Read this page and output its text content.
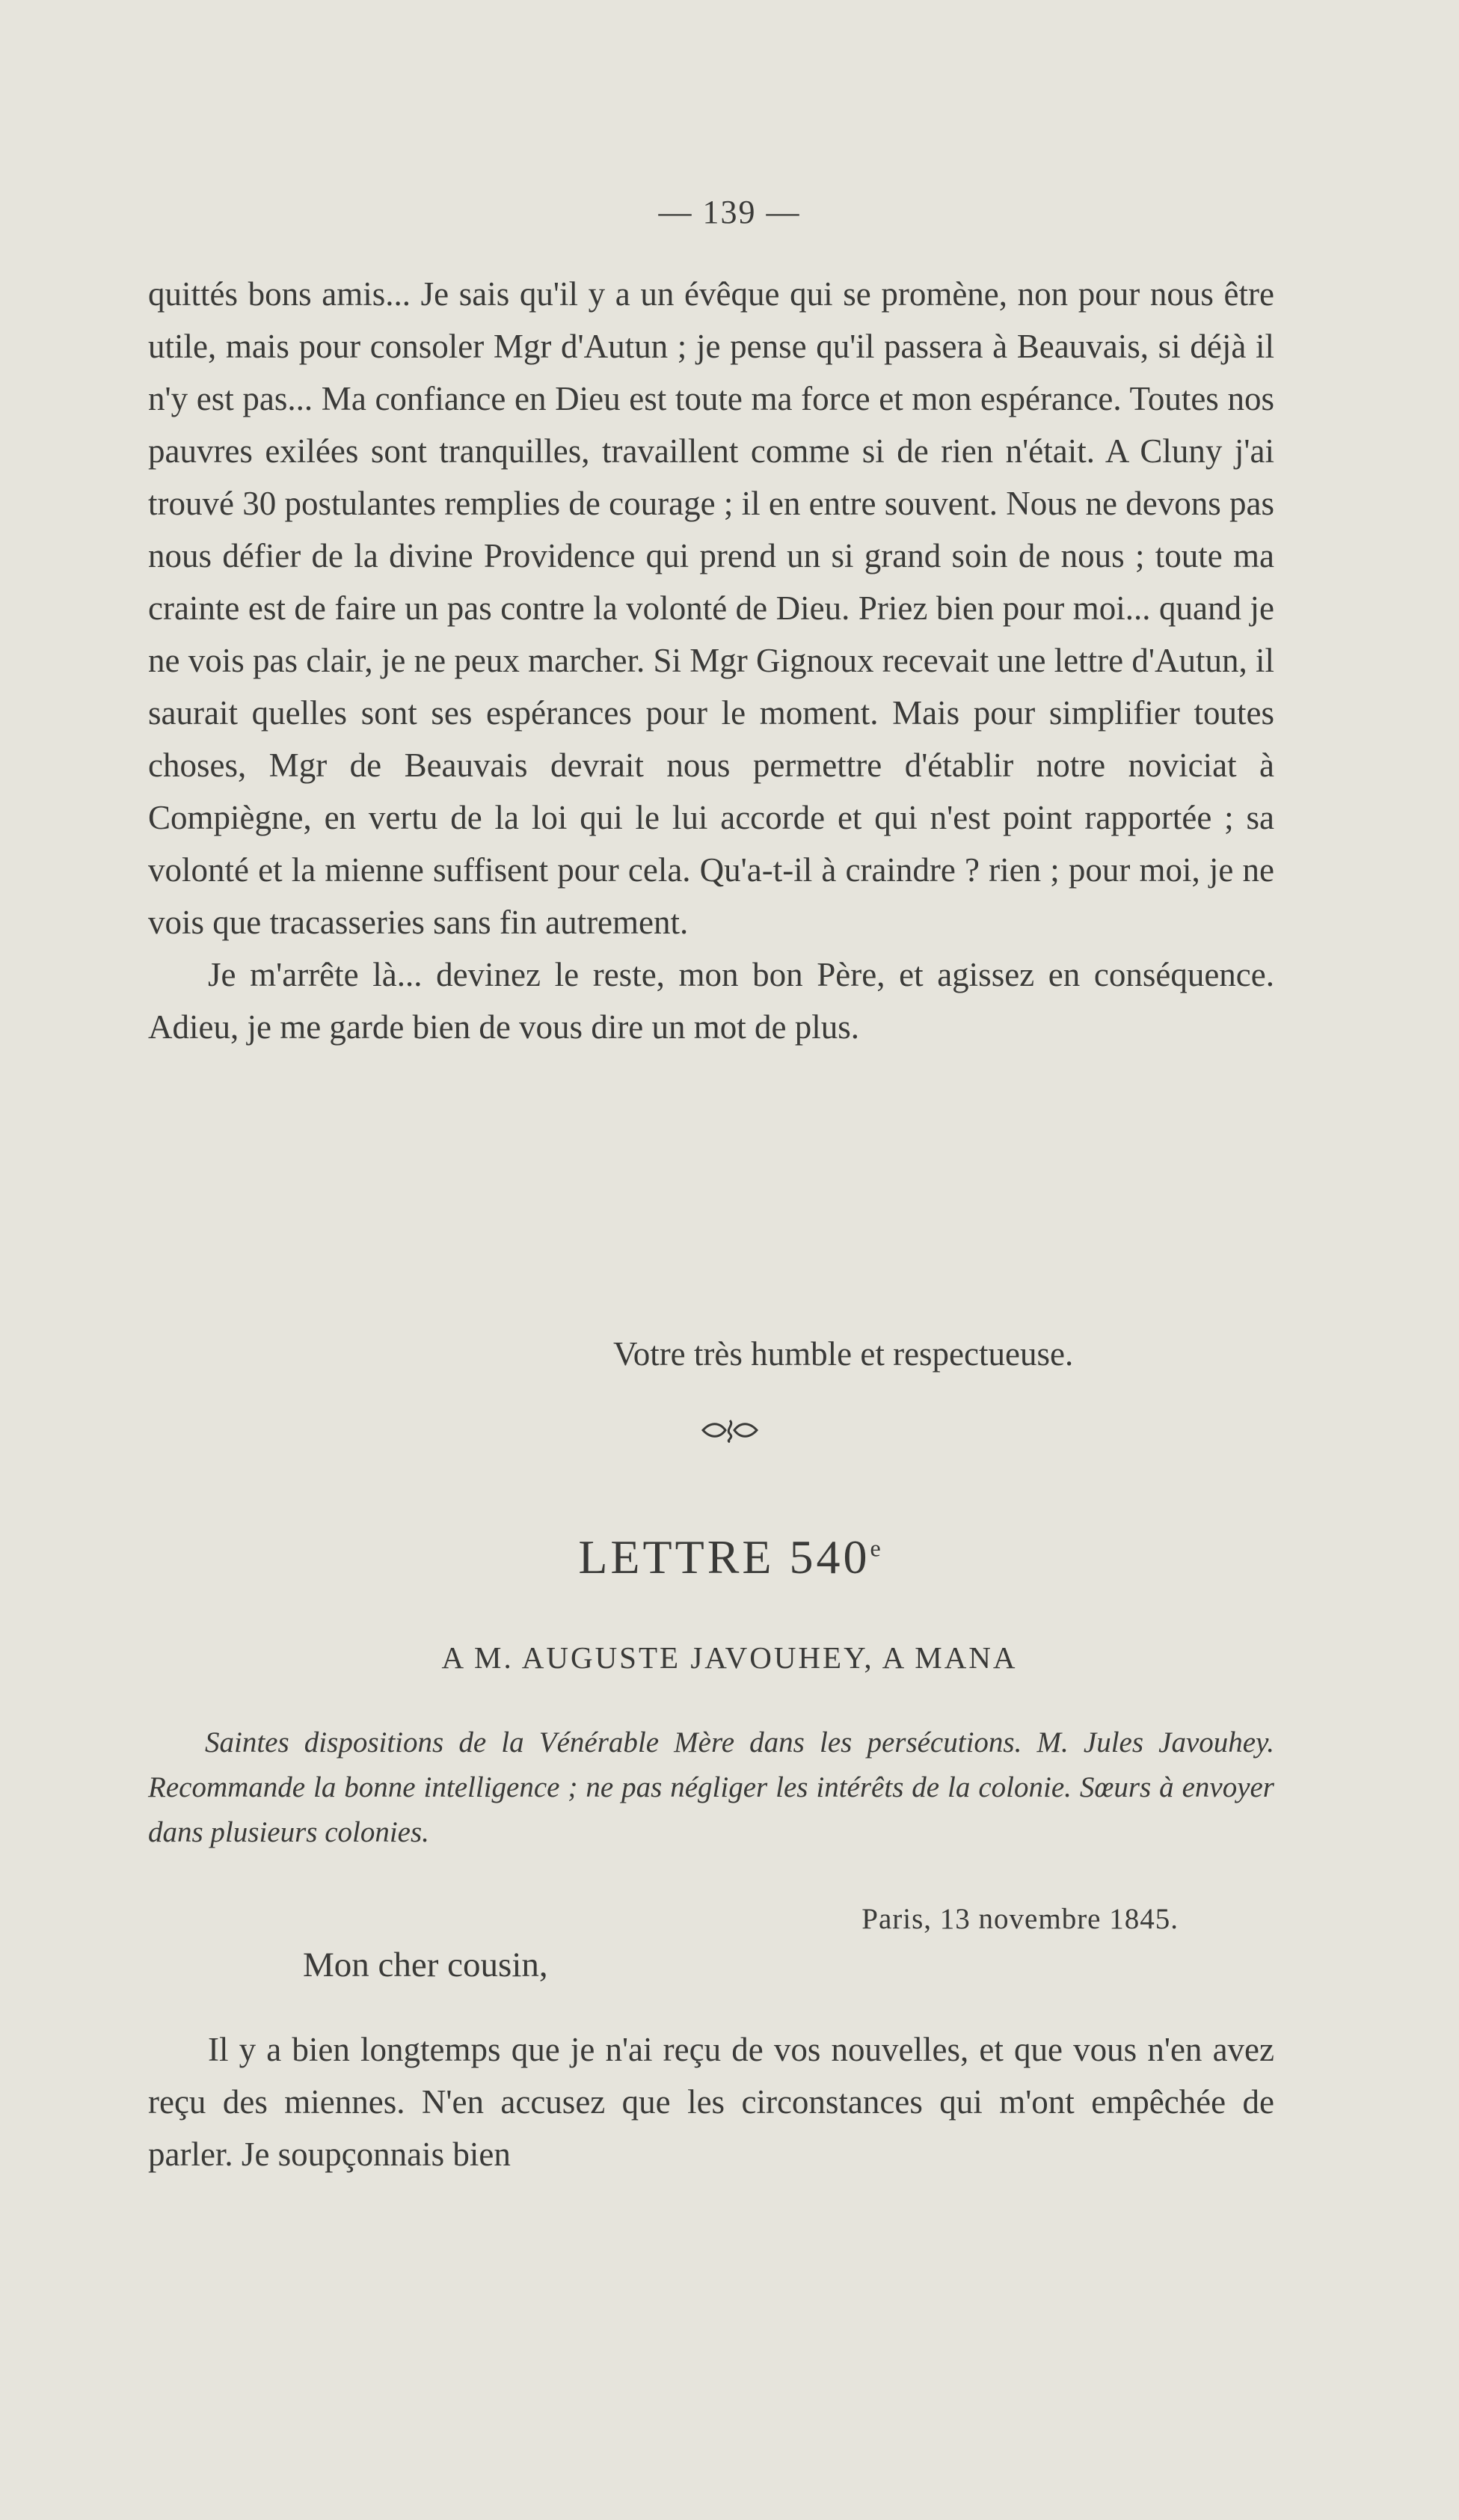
— 139 —

quittés bons amis... Je sais qu'il y a un évêque qui se promène, non pour nous être utile, mais pour consoler Mgr d'Autun ; je pense qu'il passera à Beauvais, si déjà il n'y est pas... Ma confiance en Dieu est toute ma force et mon espérance. Toutes nos pauvres exilées sont tranquilles, travaillent comme si de rien n'était. A Cluny j'ai trouvé 30 postulantes remplies de courage ; il en entre souvent. Nous ne devons pas nous défier de la divine Providence qui prend un si grand soin de nous ; toute ma crainte est de faire un pas contre la volonté de Dieu. Priez bien pour moi... quand je ne vois pas clair, je ne peux marcher. Si Mgr Gignoux recevait une lettre d'Autun, il saurait quelles sont ses espérances pour le moment. Mais pour simplifier toutes choses, Mgr de Beauvais devrait nous permettre d'établir notre noviciat à Compiègne, en vertu de la loi qui le lui accorde et qui n'est point rapportée ; sa volonté et la mienne suffisent pour cela. Qu'a-t-il à craindre ? rien ; pour moi, je ne vois que tracasseries sans fin autrement.

Je m'arrête là... devinez le reste, mon bon Père, et agissez en conséquence. Adieu, je me garde bien de vous dire un mot de plus.

Votre très humble et respectueuse.
LETTRE 540e
A M. AUGUSTE JAVOUHEY, A MANA
Saintes dispositions de la Vénérable Mère dans les persécutions. M. Jules Javouhey. Recommande la bonne intelligence ; ne pas négliger les intérêts de la colonie. Sœurs à envoyer dans plusieurs colonies.
Paris, 13 novembre 1845.
Mon cher cousin,

Il y a bien longtemps que je n'ai reçu de vos nouvelles, et que vous n'en avez reçu des miennes. N'en accusez que les circonstances qui m'ont empêchée de parler. Je soupçonnais bien
